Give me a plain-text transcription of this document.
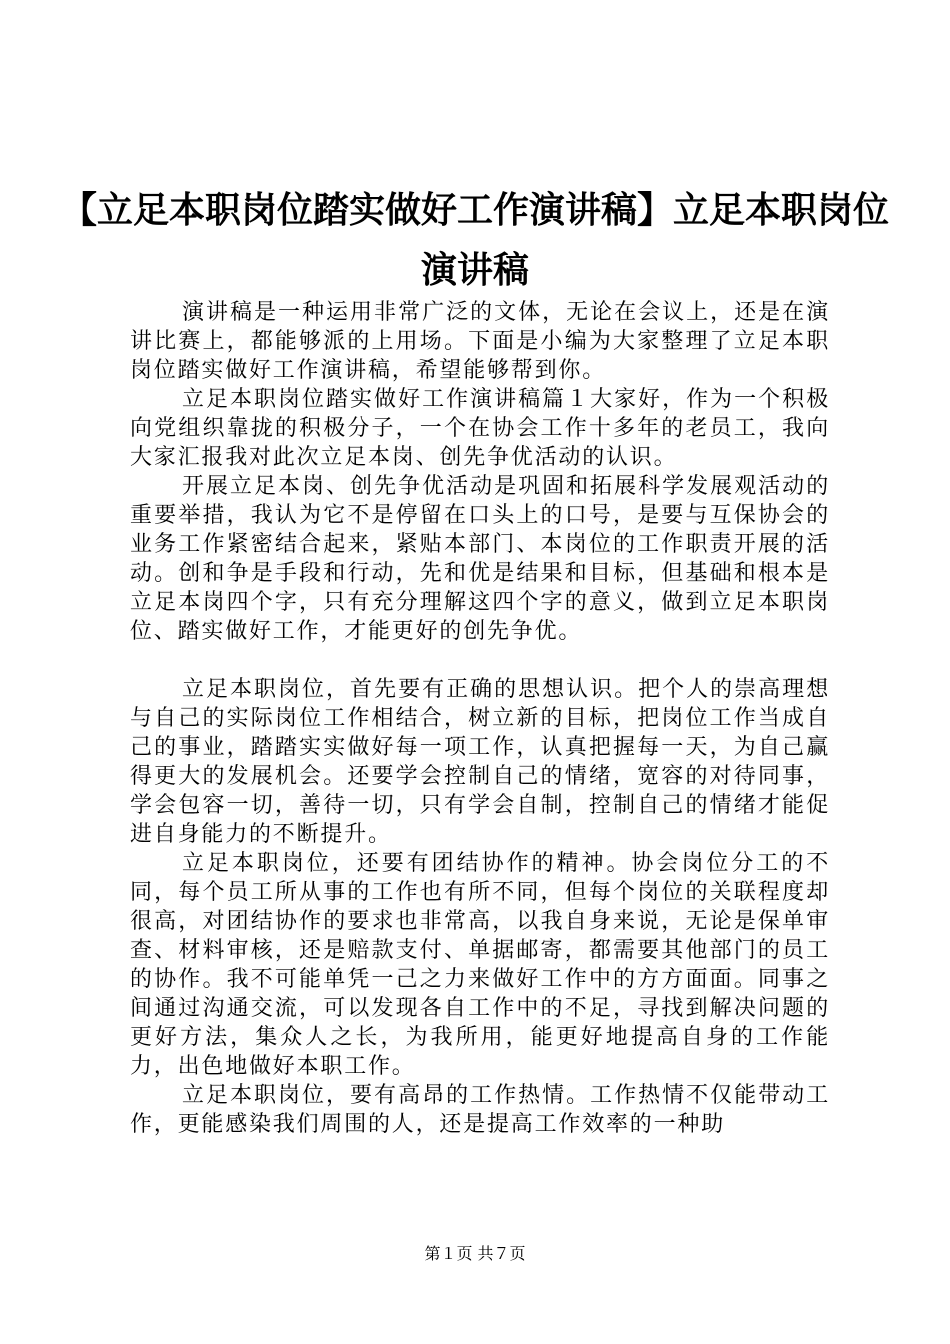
【立足本职岗位踏实做好工作演讲稿】立足本职岗位演讲稿

演讲稿是一种运用非常广泛的文体，无论在会议上，还是在演讲比赛上，都能够派的上用场。下面是小编为大家整理了立足本职岗位踏实做好工作演讲稿，希望能够帮到你。

立足本职岗位踏实做好工作演讲稿篇１大家好，作为一个积极向党组织靠拢的积极分子，一个在协会工作十多年的老员工，我向大家汇报我对此次立足本岗、创先争优活动的认识。

开展立足本岗、创先争优活动是巩固和拓展科学发展观活动的重要举措，我认为它不是停留在口头上的口号，是要与互保协会的业务工作紧密结合起来，紧贴本部门、本岗位的工作职责开展的活动。创和争是手段和行动，先和优是结果和目标，但基础和根本是立足本岗四个字，只有充分理解这四个字的意义，做到立足本职岗位、踏实做好工作，才能更好的创先争优。

立足本职岗位，首先要有正确的思想认识。把个人的崇高理想与自己的实际岗位工作相结合，树立新的目标，把岗位工作当成自己的事业，踏踏实实做好每一项工作，认真把握每一天，为自己赢得更大的发展机会。还要学会控制自己的情绪，宽容的对待同事，学会包容一切，善待一切，只有学会自制，控制自己的情绪才能促进自身能力的不断提升。

立足本职岗位，还要有团结协作的精神。协会岗位分工的不同，每个员工所从事的工作也有所不同，但每个岗位的关联程度却很高，对团结协作的要求也非常高，以我自身来说，无论是保单审查、材料审核，还是赔款支付、单据邮寄，都需要其他部门的员工的协作。我不可能单凭一己之力来做好工作中的方方面面。同事之间通过沟通交流，可以发现各自工作中的不足，寻找到解决问题的更好方法，集众人之长，为我所用，能更好地提高自身的工作能力，出色地做好本职工作。

立足本职岗位，要有高昂的工作热情。工作热情不仅能带动工作，更能感染我们周围的人，还是提高工作效率的一种助

第１页 共７页
